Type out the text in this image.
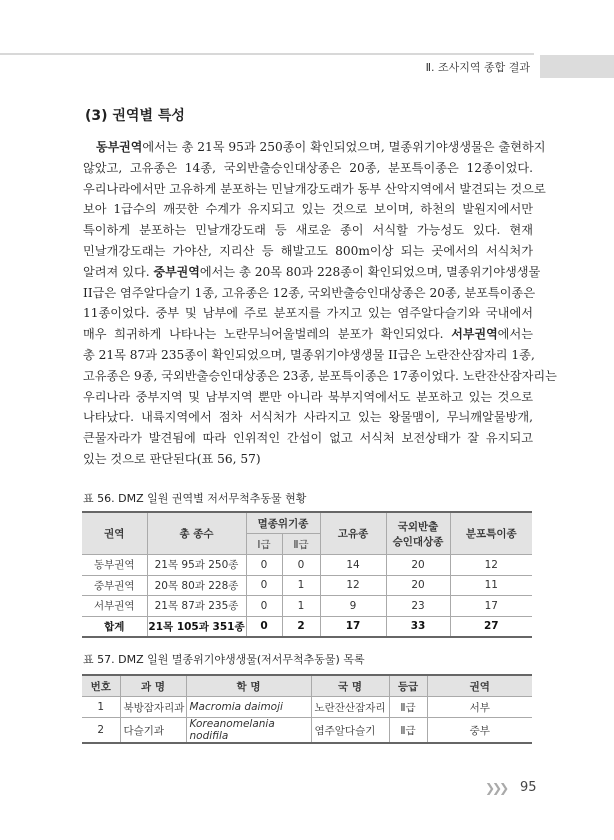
Ⅱ. 조사지역 종합 결과
(3) 권역별 특성
동부권역에서는 총 21목 95과 250종이 확인되었으며, 멸종위기야생생물은 출현하지
않았고, 고유종은 14종, 국외반출승인대상종은 20종, 분포특이종은 12종이었다.
우리나라에서만 고유하게 분포하는 민날개강도래가 동부 산악지역에서 발견되는 것으로
보아 1급수의 깨끗한 수계가 유지되고 있는 것으로 보이며, 하천의 발원지에서만
특이하게 분포하는 민날개강도래 등 새로운 종이 서식할 가능성도 있다. 현재
민날개강도래는 가야산, 지리산 등 해발고도 800m이상 되는 곳에서의 서식처가
알려져 있다. 중부권역에서는 총 20목 80과 228종이 확인되었으며, 멸종위기야생생물
II급은 염주알다슬기 1종, 고유종은 12종, 국외반출승인대상종은 20종, 분포특이종은
11종이었다. 중부 및 남부에 주로 분포지를 가지고 있는 염주알다슬기와 국내에서
매우 희귀하게 나타나는 노란무늬어울벌레의 분포가 확인되었다. 서부권역에서는
총 21목 87과 235종이 확인되었으며, 멸종위기야생생물 II급은 노란잔산잠자리 1종,
고유종은 9종, 국외반출승인대상종은 23종, 분포특이종은 17종이었다. 노란잔산잠자리는
우리나라 중부지역 및 남부지역 뿐만 아니라 북부지역에서도 분포하고 있는 것으로
나타났다. 내륙지역에서 점차 서식처가 사라지고 있는 왕물맴이, 무늬깨알물방개,
큰물자라가 발견됨에 따라 인위적인 간섭이 없고 서식처 보전상태가 잘 유지되고
있는 것으로 판단된다(표 56, 57)
표 56. DMZ 일원 권역별 저서무척추동물 현황
권역	총 종수	멸종위기종		고유종	국외반출
승인대상종	분포특이종
		Ⅰ급	Ⅱ급			
동부권역	21목 95과 250종	0	0	14	20	12
중부권역	20목 80과 228종	0	1	12	20	11
서부권역	21목 87과 235종	0	1	9	23	17
합계	21목 105과 351종	0	2	17	33	27
표 57. DMZ 일원 멸종위기야생생물(저서무척추동물) 목록
번호	과 명	학 명	국 명	등급	권역
1	북방잠자리과	Macromia daimoji	노란잔산잠자리	Ⅱ급	서부
2	다슬기과	Koreanomelania nodifila	염주알다슬기	Ⅱ급	중부
❯❯❯ 95
